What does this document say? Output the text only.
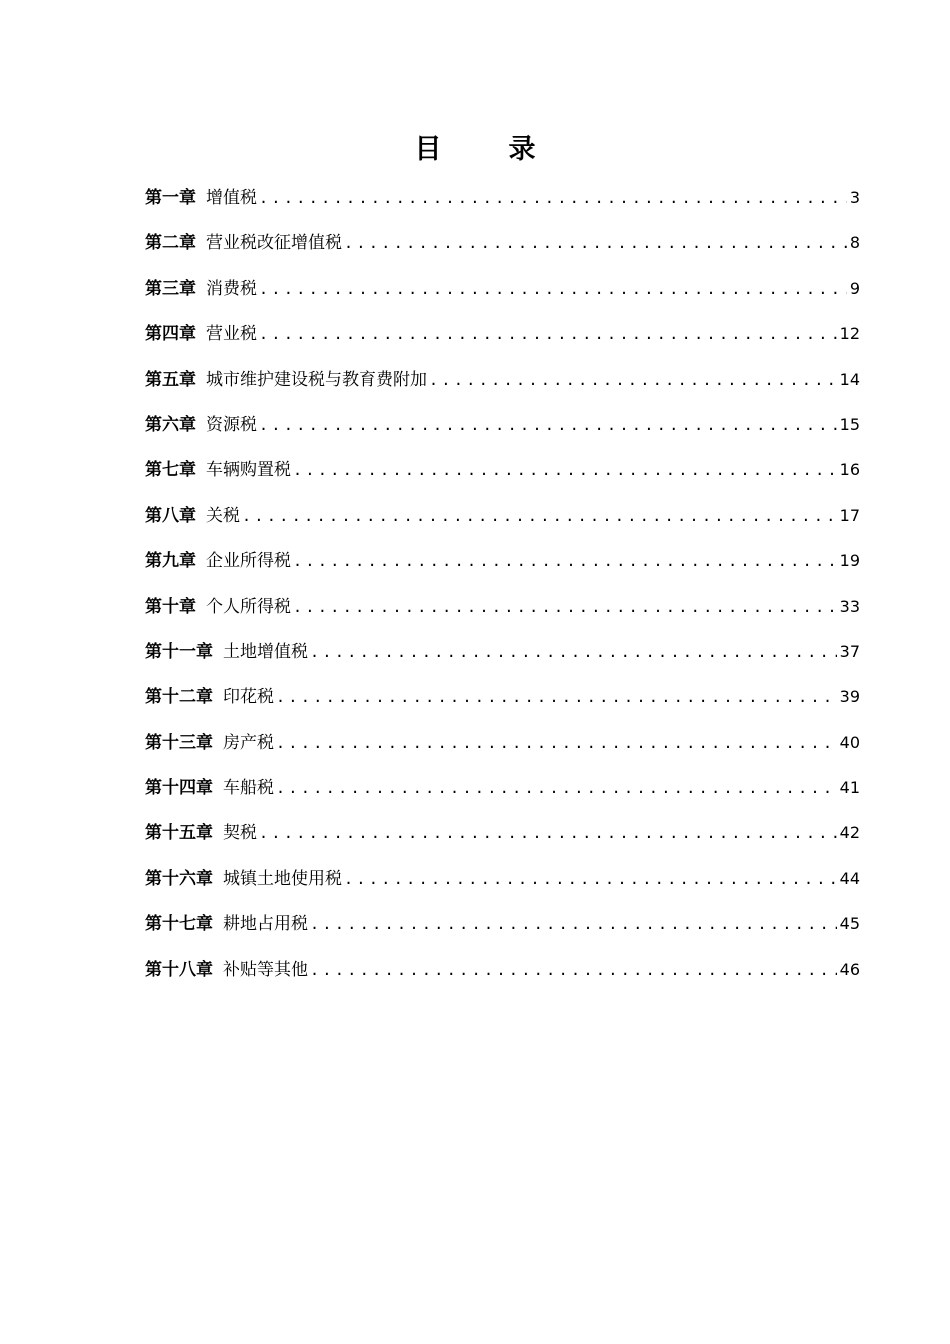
目　录
第一章 增值税 .....	3
第二章 营业税改征增值税 .....	8
第三章 消费税 .....	9
第四章 营业税 .....	12
第五章 城市维护建设税与教育费附加 .....	14
第六章 资源税 .....	15
第七章 车辆购置税 .....	16
第八章 关税 .....	17
第九章 企业所得税 .....	19
第十章 个人所得税 .....	33
第十一章 土地增值税 .....	37
第十二章 印花税 .....	39
第十三章 房产税 .....	40
第十四章 车船税 .....	41
第十五章 契税 .....	42
第十六章 城镇土地使用税 .....	44
第十七章 耕地占用税 .....	45
第十八章 补贴等其他 .....	46
